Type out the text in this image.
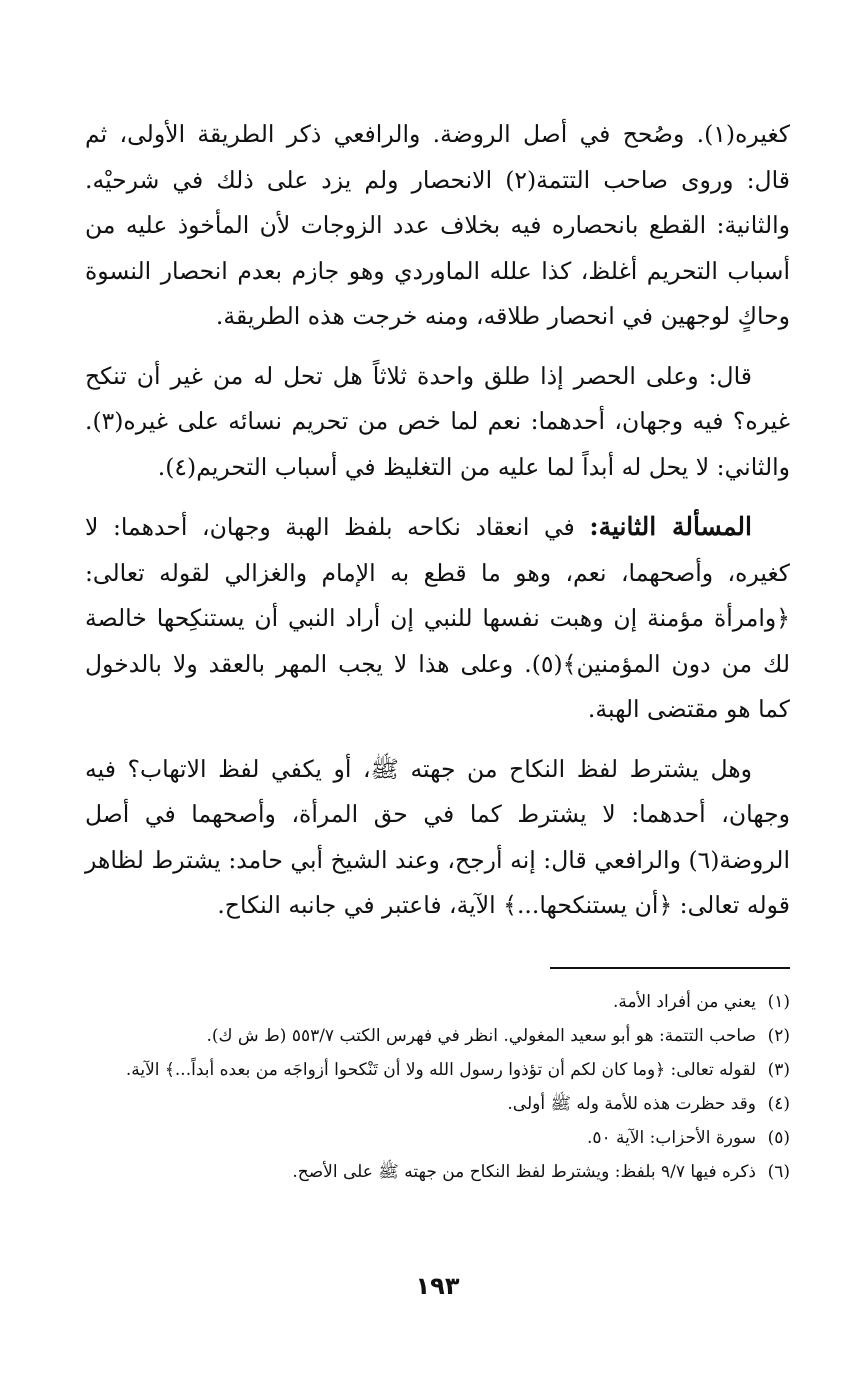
كغيره(١). وصُحح في أصل الروضة. والرافعي ذكر الطريقة الأولى، ثم قال: وروى صاحب التتمة(٢) الانحصار ولم يزد على ذلك في شرحيْه. والثانية: القطع بانحصاره فيه بخلاف عدد الزوجات لأن المأخوذ عليه من أسباب التحريم أغلظ، كذا علله الماوردي وهو جازم بعدم انحصار النسوة وحاكٍ لوجهين في انحصار طلاقه، ومنه خرجت هذه الطريقة.

قال: وعلى الحصر إذا طلق واحدة ثلاثاً هل تحل له من غير أن تنكح غيره؟ فيه وجهان، أحدهما: نعم لما خص من تحريم نسائه على غيره(٣). والثاني: لا يحل له أبداً لما عليه من التغليظ في أسباب التحريم(٤).

المسألة الثانية: في انعقاد نكاحه بلفظ الهبة وجهان، أحدهما: لا كغيره، وأصحهما، نعم، وهو ما قطع به الإمام والغزالي لقوله تعالى: ﴿وامرأة مؤمنة إن وهبت نفسها للنبي إن أراد النبي أن يستنكِحها خالصة لك من دون المؤمنين﴾(٥). وعلى هذا لا يجب المهر بالعقد ولا بالدخول كما هو مقتضى الهبة.

وهل يشترط لفظ النكاح من جهته ﷺ، أو يكفي لفظ الاتهاب؟ فيه وجهان، أحدهما: لا يشترط كما في حق المرأة، وأصحهما في أصل الروضة(٦) والرافعي قال: إنه أرجح، وعند الشيخ أبي حامد: يشترط لظاهر قوله تعالى: ﴿أن يستنكحها...﴾ الآية، فاعتبر في جانبه النكاح.

(١)
يعني من أفراد الأمة.
(٢)
صاحب التتمة: هو أبو سعيد المغولي. انظر في فهرس الكتب ٥٥٣/٧ (ط ش ك).
(٣)
لقوله تعالى: ﴿وما كان لكم أن تؤذوا رسول الله ولا أن تَنْكحوا أزواجَه من بعده أبداً...﴾ الآية.
(٤)
وقد حظرت هذه للأمة وله ﷺ أولى.
(٥)
سورة الأحزاب: الآية ٥٠.
(٦)
ذكره فيها ٩/٧ بلفظ: ويشترط لفظ النكاح من جهته ﷺ على الأصح.
١٩٣
